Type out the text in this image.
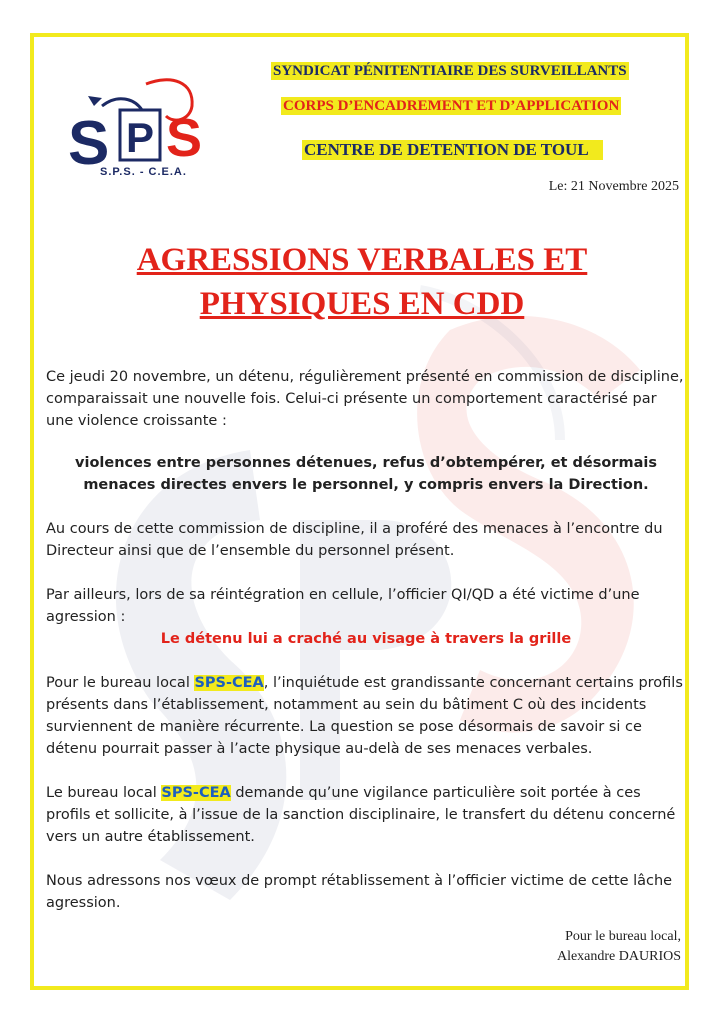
S P S
S.P.S. - C.E.A.
SYNDICAT PÉNITENTIAIRE DES SURVEILLANTS
CORPS D’ENCADREMENT ET D’APPLICATION
CENTRE DE DETENTION DE TOUL
Le: 21 Novembre 2025
AGRESSIONS VERBALES ET
PHYSIQUES EN CDD

Ce jeudi 20 novembre, un détenu, régulièrement présenté en commission de discipline, comparaissait une nouvelle fois. Celui-ci présente un comportement caractérisé par une violence croissante :

violences entre personnes détenues, refus d’obtempérer, et désormais menaces directes envers le personnel, y compris envers la Direction.

Au cours de cette commission de discipline, il a proféré des menaces à l’encontre du Directeur ainsi que de l’ensemble du personnel présent.

Par ailleurs, lors de sa réintégration en cellule, l’officier QI/QD a été victime d’une agression :

Le détenu lui a craché au visage à travers la grille

Pour le bureau local SPS-CEA, l’inquiétude est grandissante concernant certains profils présents dans l’établissement, notamment au sein du bâtiment C où des incidents surviennent de manière récurrente. La question se pose désormais de savoir si ce détenu pourrait passer à l’acte physique au-delà de ses menaces verbales.

Le bureau local SPS-CEA demande qu’une vigilance particulière soit portée à ces profils et sollicite, à l’issue de la sanction disciplinaire, le transfert du détenu concerné vers un autre établissement.

Nous adressons nos vœux de prompt rétablissement à l’officier victime de cette lâche agression.

Pour le bureau local,
Alexandre DAURIOS
